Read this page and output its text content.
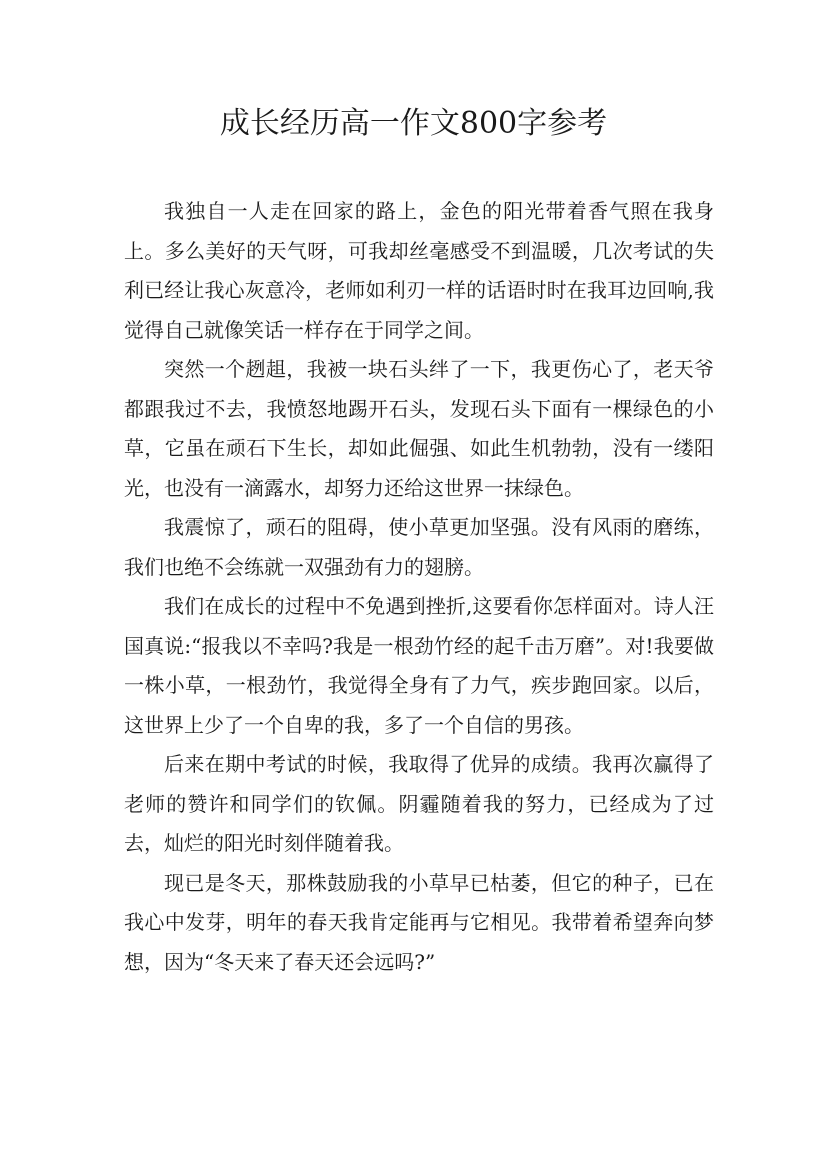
成长经历高一作文800字参考

我独自一人走在回家的路上，金色的阳光带着香气照在我身上。多么美好的天气呀，可我却丝毫感受不到温暖，几次考试的失利已经让我心灰意冷，老师如利刃一样的话语时时在我耳边回响,我觉得自己就像笑话一样存在于同学之间。

突然一个趔趄，我被一块石头绊了一下，我更伤心了，老天爷都跟我过不去，我愤怒地踢开石头，发现石头下面有一棵绿色的小草，它虽在顽石下生长，却如此倔强、如此生机勃勃，没有一缕阳光，也没有一滴露水，却努力还给这世界一抹绿色。

我震惊了，顽石的阻碍，使小草更加坚强。没有风雨的磨练，我们也绝不会练就一双强劲有力的翅膀。

我们在成长的过程中不免遇到挫折,这要看你怎样面对。诗人汪国真说:“报我以不幸吗?我是一根劲竹经的起千击万磨”。对!我要做一株小草，一根劲竹，我觉得全身有了力气，疾步跑回家。以后，这世界上少了一个自卑的我，多了一个自信的男孩。

后来在期中考试的时候，我取得了优异的成绩。我再次赢得了老师的赞许和同学们的钦佩。阴霾随着我的努力，已经成为了过去，灿烂的阳光时刻伴随着我。

现已是冬天，那株鼓励我的小草早已枯萎，但它的种子，已在我心中发芽，明年的春天我肯定能再与它相见。我带着希望奔向梦想，因为“冬天来了春天还会远吗?”
